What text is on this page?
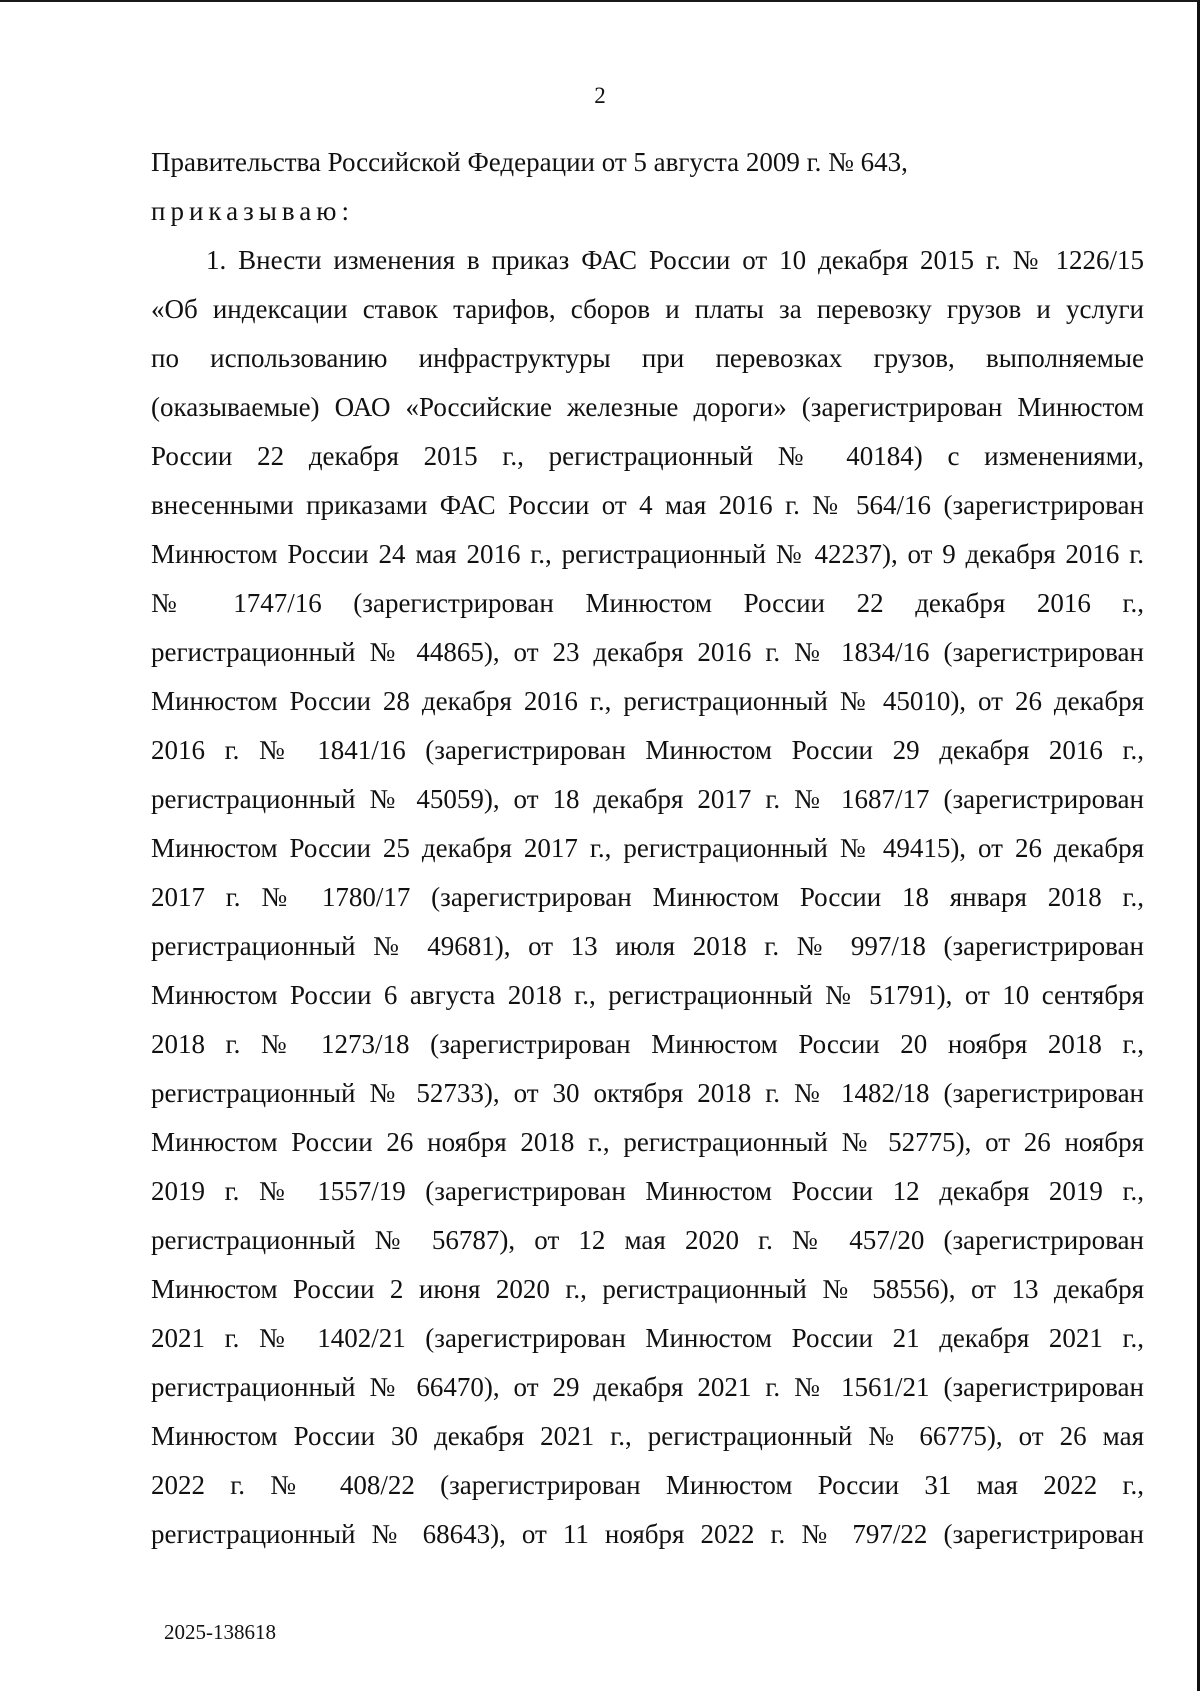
2
Правительства Российской Федерации от 5 августа 2009 г. № 643,
приказываю:
1. Внести изменения в приказ ФАС России от 10 декабря 2015 г. № 1226/15
«Об индексации ставок тарифов, сборов и платы за перевозку грузов и услуги
по использованию инфраструктуры при перевозках грузов, выполняемые
(оказываемые) ОАО «Российские железные дороги» (зарегистрирован Минюстом
России 22 декабря 2015 г., регистрационный № 40184) с изменениями,
внесенными приказами ФАС России от 4 мая 2016 г. № 564/16 (зарегистрирован
Минюстом России 24 мая 2016 г., регистрационный № 42237), от 9 декабря 2016 г.
№ 1747/16 (зарегистрирован Минюстом России 22 декабря 2016 г.,
регистрационный № 44865), от 23 декабря 2016 г. № 1834/16 (зарегистрирован
Минюстом России 28 декабря 2016 г., регистрационный № 45010), от 26 декабря
2016 г. № 1841/16 (зарегистрирован Минюстом России 29 декабря 2016 г.,
регистрационный № 45059), от 18 декабря 2017 г. № 1687/17 (зарегистрирован
Минюстом России 25 декабря 2017 г., регистрационный № 49415), от 26 декабря
2017 г. № 1780/17 (зарегистрирован Минюстом России 18 января 2018 г.,
регистрационный № 49681), от 13 июля 2018 г. № 997/18 (зарегистрирован
Минюстом России 6 августа 2018 г., регистрационный № 51791), от 10 сентября
2018 г. № 1273/18 (зарегистрирован Минюстом России 20 ноября 2018 г.,
регистрационный № 52733), от 30 октября 2018 г. № 1482/18 (зарегистрирован
Минюстом России 26 ноября 2018 г., регистрационный № 52775), от 26 ноября
2019 г. № 1557/19 (зарегистрирован Минюстом России 12 декабря 2019 г.,
регистрационный № 56787), от 12 мая 2020 г. № 457/20 (зарегистрирован
Минюстом России 2 июня 2020 г., регистрационный № 58556), от 13 декабря
2021 г. № 1402/21 (зарегистрирован Минюстом России 21 декабря 2021 г.,
регистрационный № 66470), от 29 декабря 2021 г. № 1561/21 (зарегистрирован
Минюстом России 30 декабря 2021 г., регистрационный № 66775), от 26 мая
2022 г. № 408/22 (зарегистрирован Минюстом России 31 мая 2022 г.,
регистрационный № 68643), от 11 ноября 2022 г. № 797/22 (зарегистрирован
2025-138618
